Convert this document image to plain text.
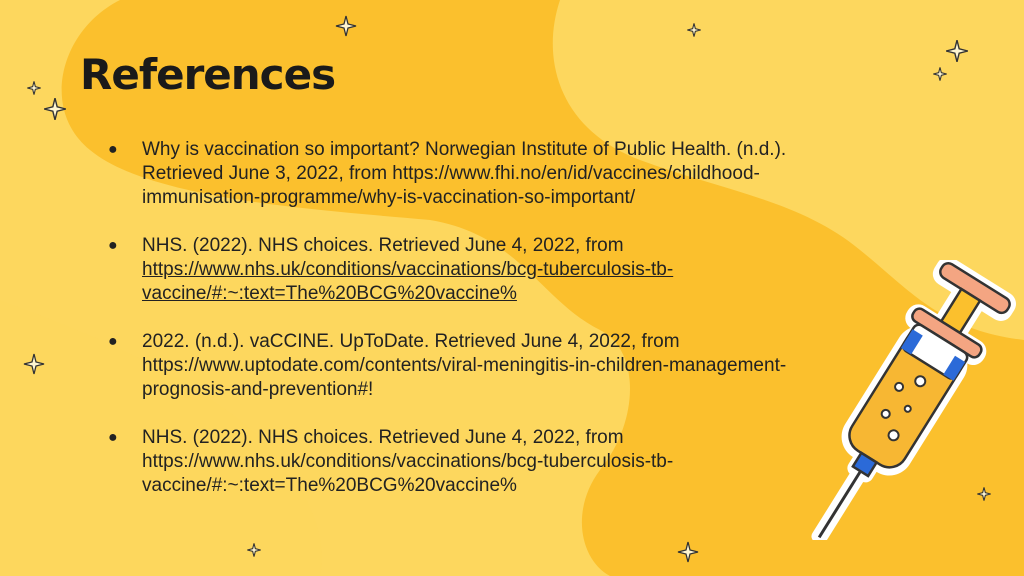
References
● Why is vaccination so important? Norwegian Institute of Public Health. (n.d.). Retrieved June 3, 2022, from https://www.fhi.no/en/id/vaccines/childhood-immunisation-programme/why-is-vaccination-so-important/
● NHS. (2022). NHS choices. Retrieved June 4, 2022, from https://www.nhs.uk/conditions/vaccinations/bcg-tuberculosis-tb-vaccine/#:~:text=The%20BCG%20vaccine%
● 2022. (n.d.). vaCCINE. UpToDate. Retrieved June 4, 2022, from https://www.uptodate.com/contents/viral-meningitis-in-children-management-prognosis-and-prevention#!
● NHS. (2022). NHS choices. Retrieved June 4, 2022, from https://www.nhs.uk/conditions/vaccinations/bcg-tuberculosis-tb-vaccine/#:~:text=The%20BCG%20vaccine%
